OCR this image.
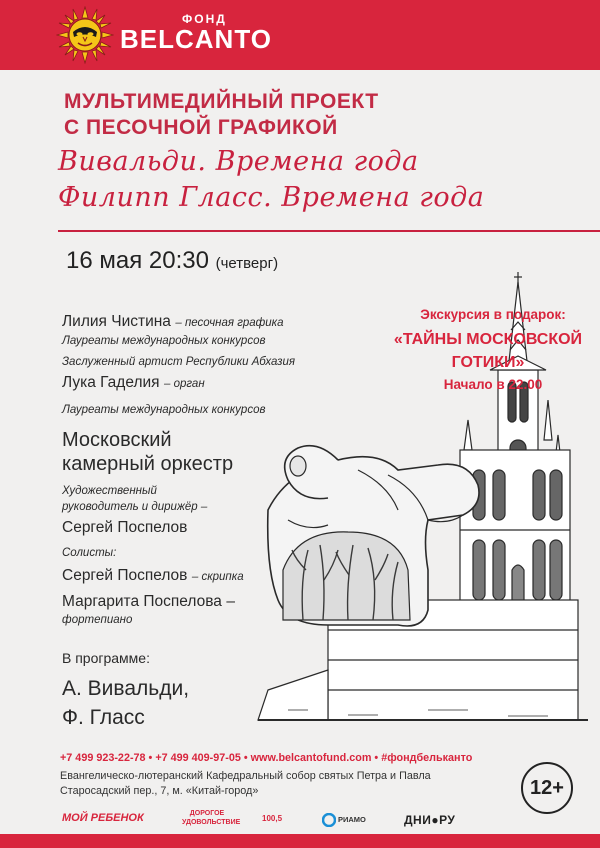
ФОНД
BELCANTO
МУЛЬТИМЕДИЙНЫЙ ПРОЕКТ
С ПЕСОЧНОЙ ГРАФИКОЙ
Вивальди. Времена года
Филипп Гласс. Времена года
16 мая 20:30 (четверг)
Лилия Чистина – песочная графика
Лауреаты международных конкурсов
Заслуженный артист Республики Абхазия
Лука Гаделия – орган
Лауреаты международных конкурсов
Московский
камерный оркестр
Художественный
руководитель и дирижёр –
Сергей Поспелов
Солисты:
Сергей Поспелов – скрипка
Маргарита Поспелова –
фортепиано
В программе:
А. Вивальди,
Ф. Гласс
Экскурсия в подарок:
«ТАЙНЫ МОСКОВСКОЙ
ГОТИКИ»
Начало в 22.00
+7 499 923-22-78 • +7 499 409-97-05 • www.belcantofund.com • #фондбельканто
Евангелическо-лютеранский Кафедральный собор святых Петра и Павла
Старосадский пер., 7, м. «Китай-город»	12+
МОЙ РЕБЕНОК	ДОРОГОЕ УДОВОЛЬСТВИЕ	100,5	РИАМО	ДНИ●РУ
